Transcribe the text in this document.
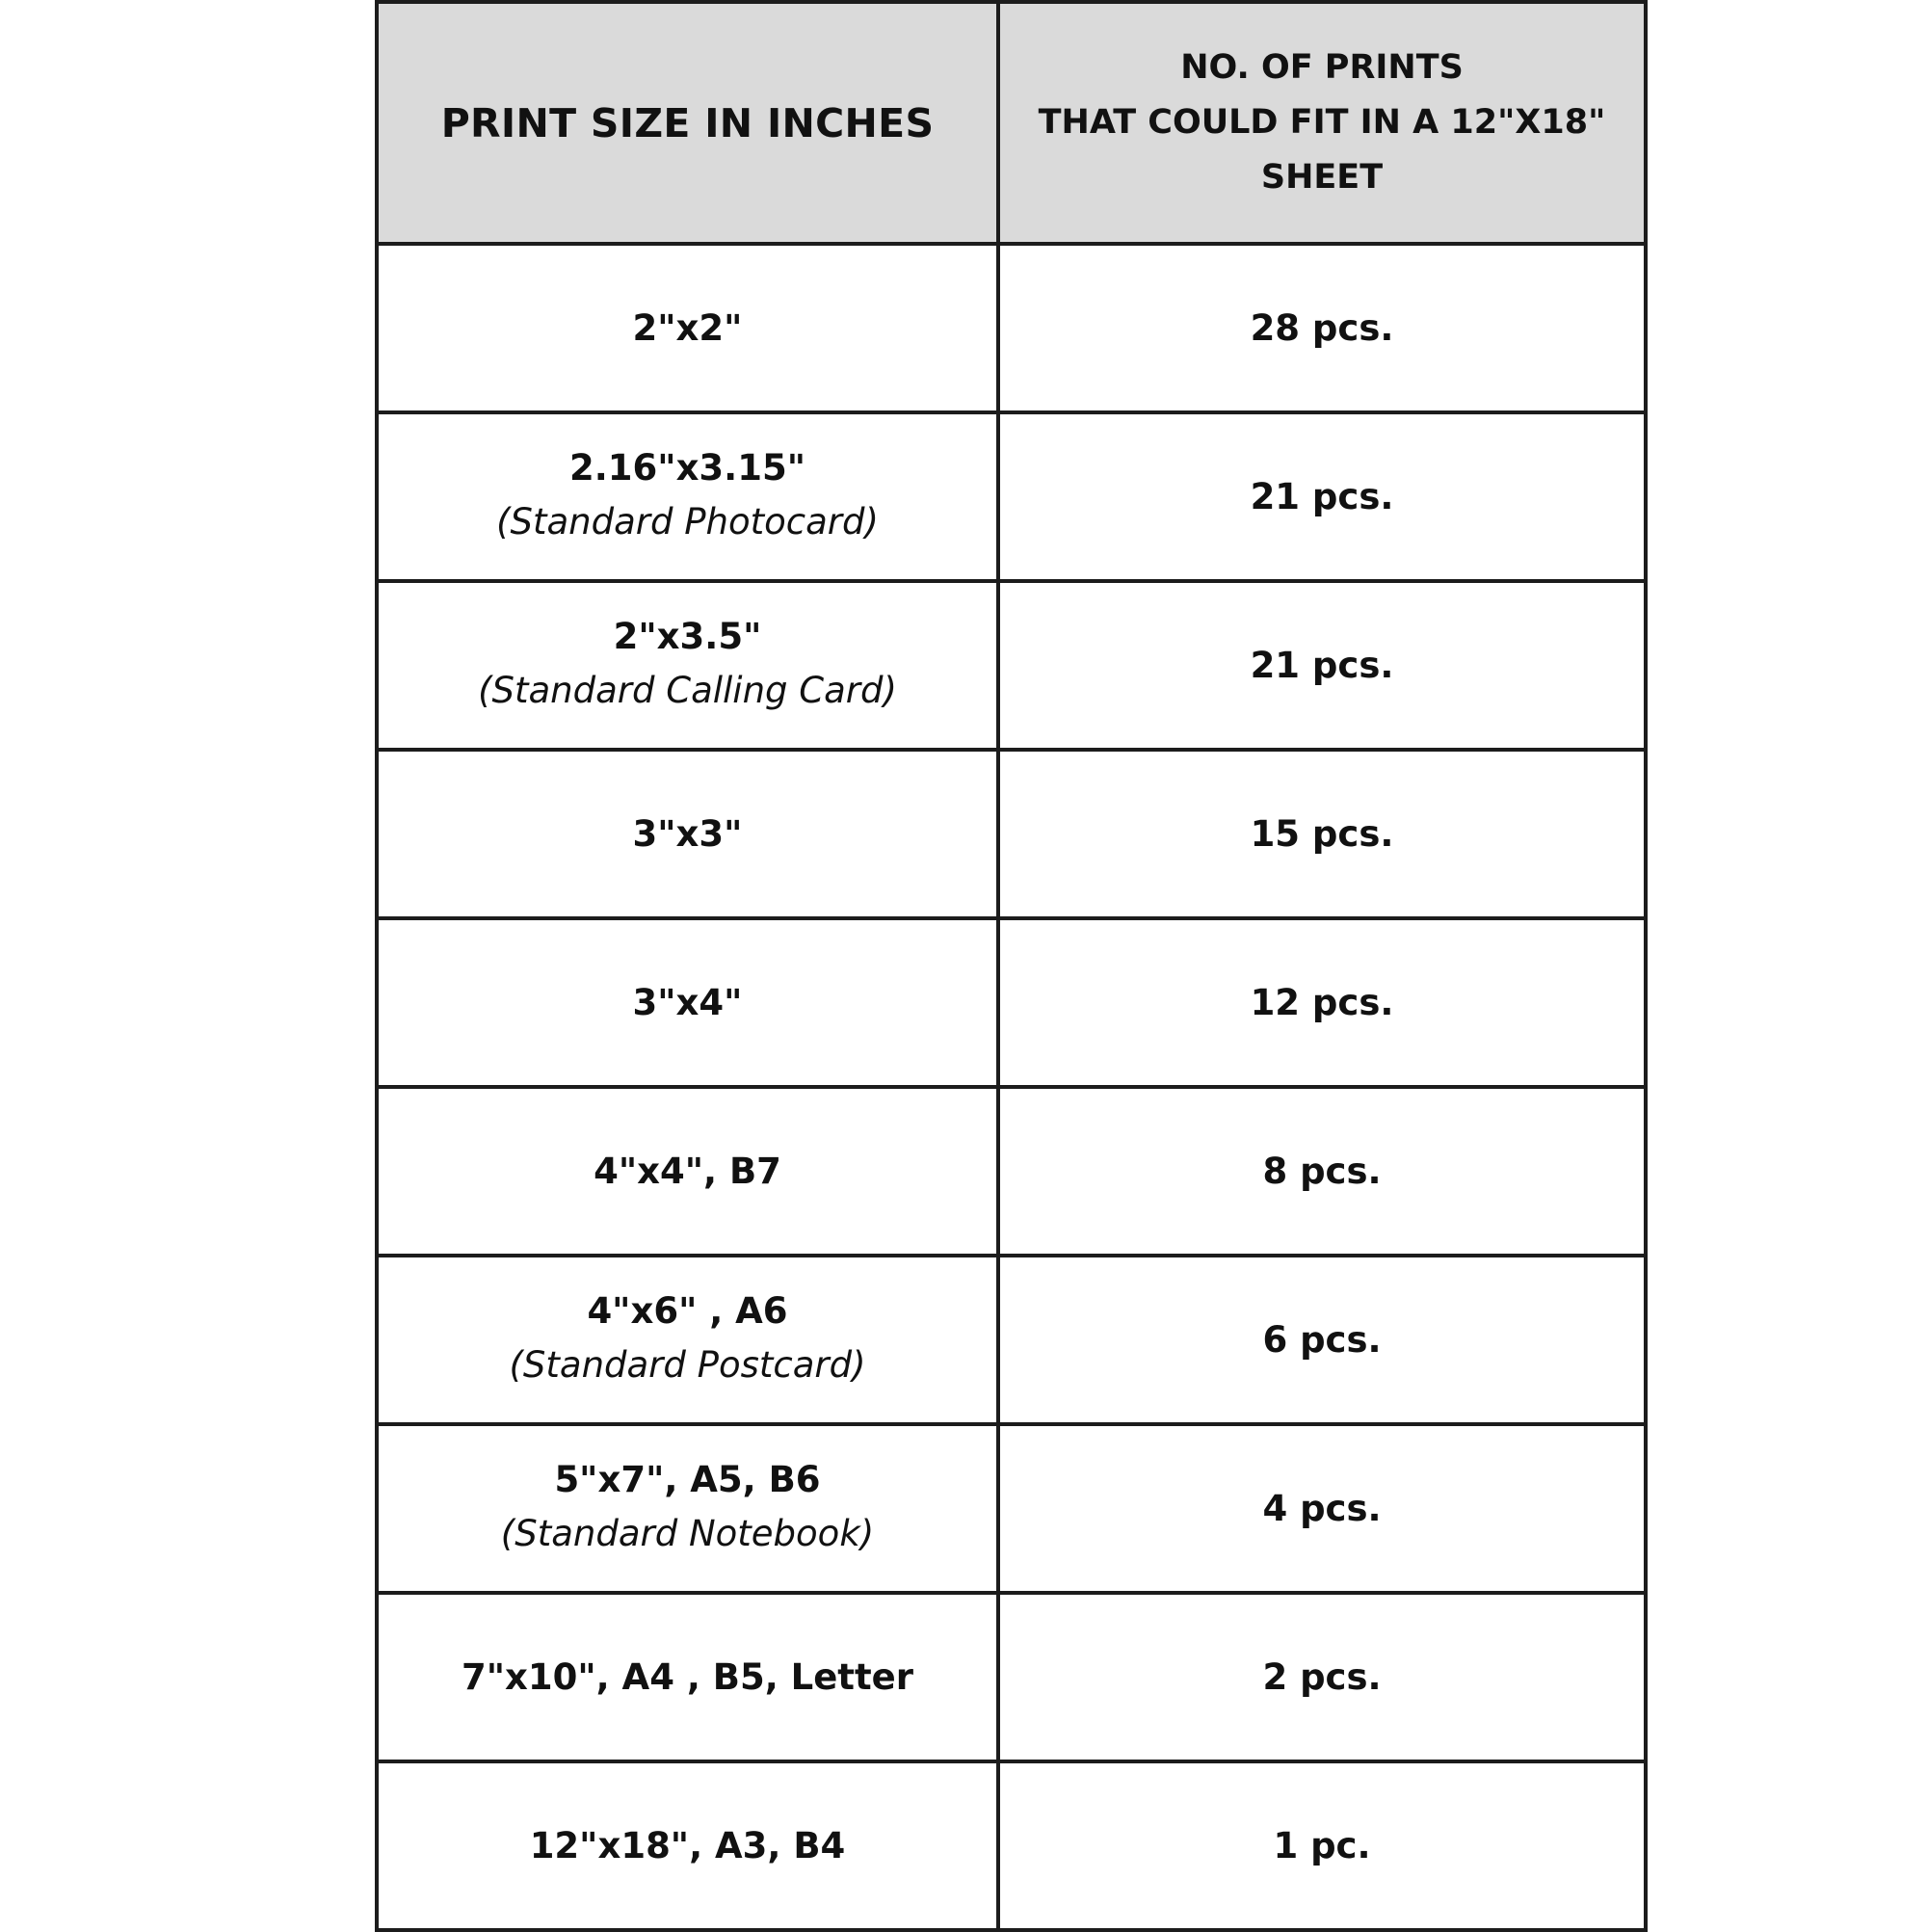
PRINT SIZE IN INCHES	NO. OF PRINTS
THAT COULD FIT IN A 12"X18"
SHEET

2"x2"	28 pcs.

2.16"x3.15"
(Standard Photocard)	21 pcs.

2"x3.5"
(Standard Calling Card)	21 pcs.

3"x3"	15 pcs.

3"x4"	12 pcs.

4"x4", B7	8 pcs.

4"x6" , A6
(Standard Postcard)	6 pcs.

5"x7", A5, B6
(Standard Notebook)	4 pcs.

7"x10", A4 , B5, Letter	2 pcs.

12"x18", A3, B4	1 pc.
